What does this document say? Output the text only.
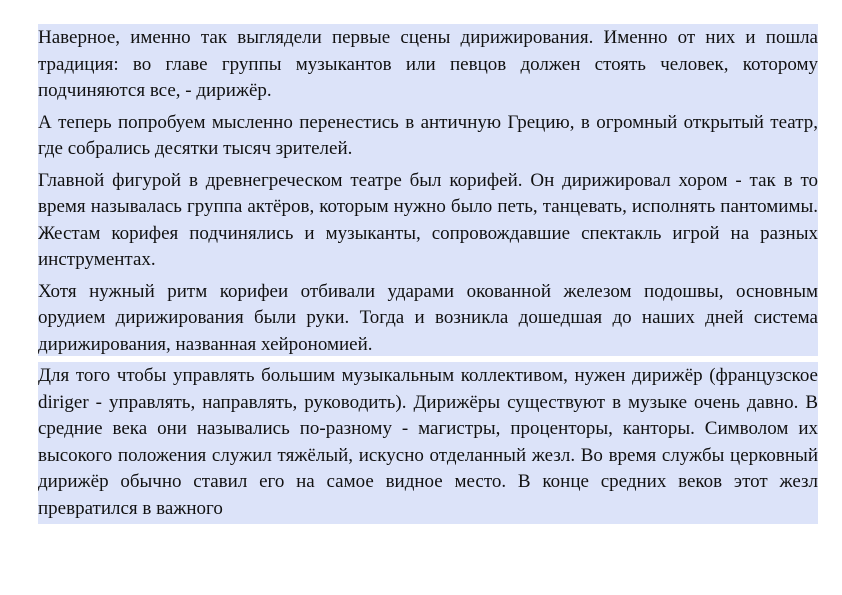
Наверное, именно так выглядели первые сцены дирижирования. Именно от них и пошла традиция: во главе группы музыкантов или певцов должен стоять человек, которому подчиняются все, - дирижёр.

А теперь попробуем мысленно перенестись в античную Грецию, в огромный открытый театр, где собрались десятки тысяч зрителей.

Главной фигурой в древнегреческом театре был корифей. Он дирижировал хором - так в то время называлась группа актёров, которым нужно было петь, танцевать, исполнять пантомимы. Жестам корифея подчинялись и музыканты, сопровождавшие спектакль игрой на разных инструментах.

Хотя нужный ритм корифеи отбивали ударами окованной железом подошвы, основным орудием дирижирования были руки. Тогда и возникла дошедшая до наших дней система дирижирования, названная хейрономией.

Для того чтобы управлять большим музыкальным коллективом, нужен дирижёр (французское diriger - управлять, направлять, руководить). Дирижёры существуют в музыке очень давно. В средние века они назывались по-разному - магистры, проценторы, канторы. Символом их высокого положения служил тяжёлый, искусно отделанный жезл. Во время службы церковный дирижёр обычно ставил его на самое видное место. В конце средних веков этот жезл превратился в важного
